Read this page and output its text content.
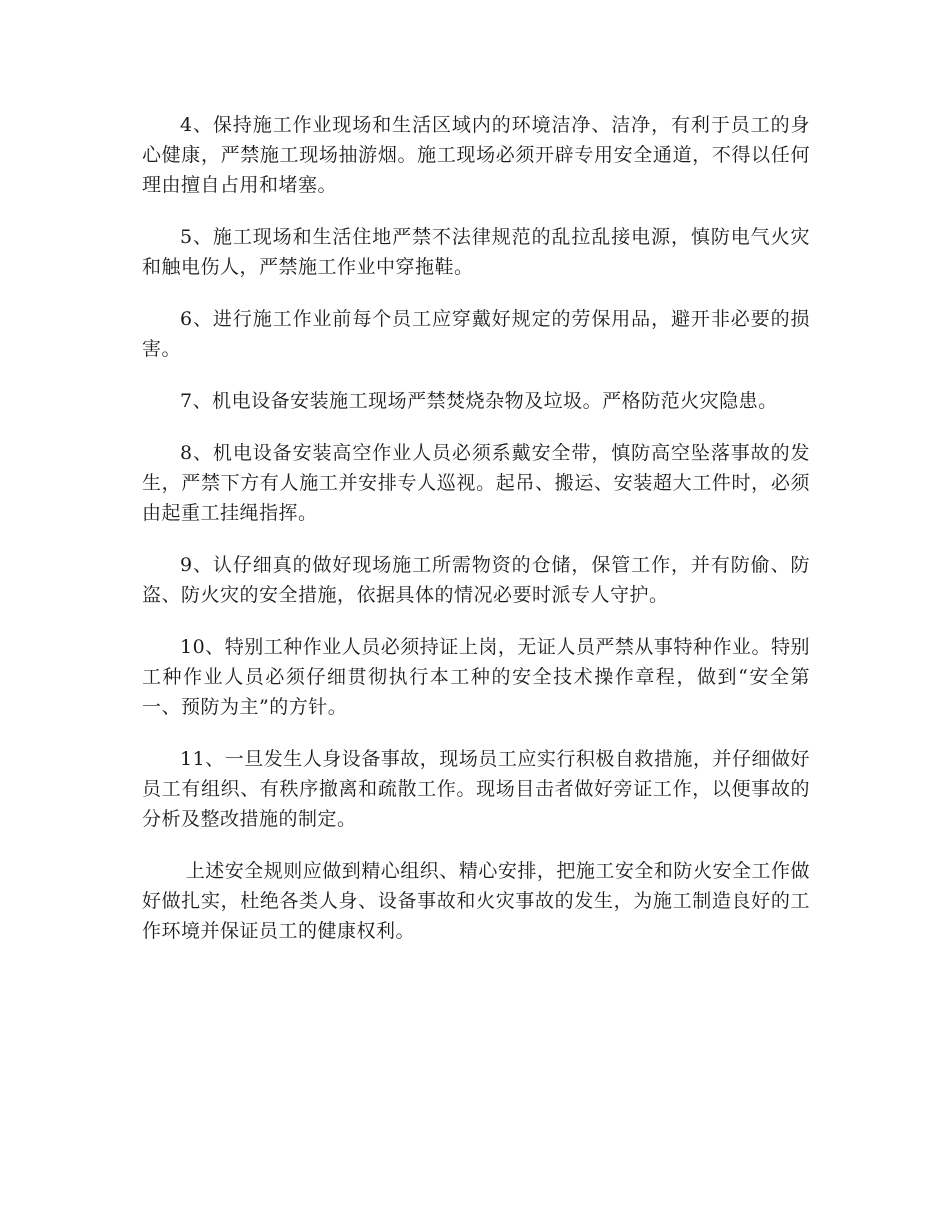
4、保持施工作业现场和生活区域内的环境洁净、洁净，有利于员工的身心健康，严禁施工现场抽游烟。施工现场必须开辟专用安全通道，不得以任何理由擅自占用和堵塞。

5、施工现场和生活住地严禁不法律规范的乱拉乱接电源，慎防电气火灾和触电伤人，严禁施工作业中穿拖鞋。

6、进行施工作业前每个员工应穿戴好规定的劳保用品，避开非必要的损害。

7、机电设备安装施工现场严禁焚烧杂物及垃圾。严格防范火灾隐患。

8、机电设备安装高空作业人员必须系戴安全带，慎防高空坠落事故的发生，严禁下方有人施工并安排专人巡视。起吊、搬运、安装超大工件时，必须由起重工挂绳指挥。

9、认仔细真的做好现场施工所需物资的仓储，保管工作，并有防偷、防盗、防火灾的安全措施，依据具体的情况必要时派专人守护。

10、特别工种作业人员必须持证上岗，无证人员严禁从事特种作业。特别工种作业人员必须仔细贯彻执行本工种的安全技术操作章程，做到“安全第一、预防为主”的方针。

11、一旦发生人身设备事故，现场员工应实行积极自救措施，并仔细做好员工有组织、有秩序撤离和疏散工作。现场目击者做好旁证工作，以便事故的分析及整改措施的制定。

上述安全规则应做到精心组织、精心安排，把施工安全和防火安全工作做好做扎实，杜绝各类人身、设备事故和火灾事故的发生，为施工制造良好的工作环境并保证员工的健康权利。
